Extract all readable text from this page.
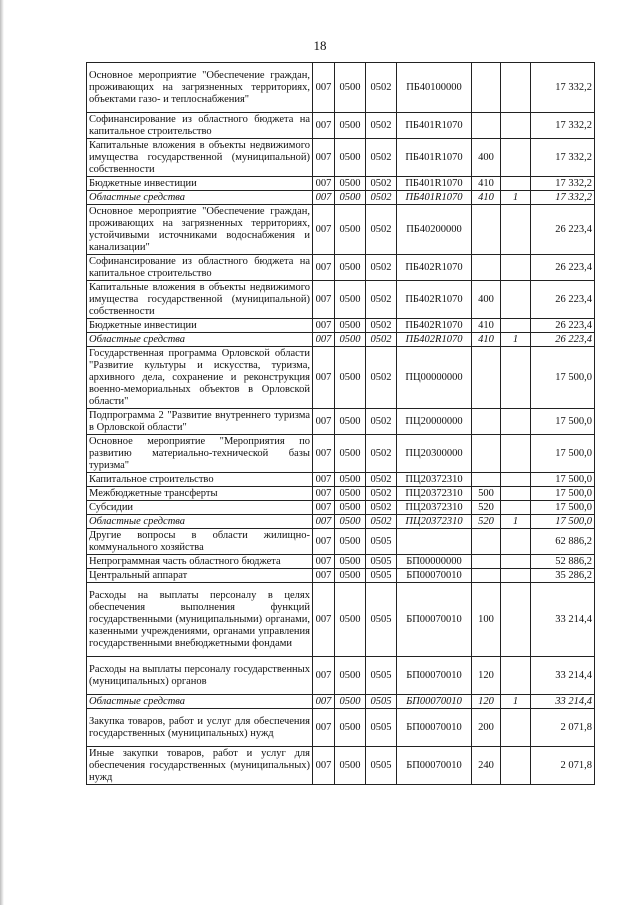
18
Основное мероприятие "Обеспечение граждан, проживающих на загрязненных территориях, объектами газо- и теплоснабжения"	007	0500	0502	ПБ40100000			17 332,2
Софинансирование из областного бюджета на капитальное строительство	007	0500	0502	ПБ401R1070			17 332,2
Капитальные вложения в объекты недвижимого имущества государственной (муниципальной) собственности	007	0500	0502	ПБ401R1070	400		17 332,2
Бюджетные инвестиции	007	0500	0502	ПБ401R1070	410		17 332,2
Областные средства	007	0500	0502	ПБ401R1070	410	1	17 332,2
Основное мероприятие "Обеспечение граждан, проживающих на загрязненных территориях, устойчивыми источниками водоснабжения и канализации"	007	0500	0502	ПБ40200000			26 223,4
Софинансирование из областного бюджета на капитальное строительство	007	0500	0502	ПБ402R1070			26 223,4
Капитальные вложения в объекты недвижимого имущества государственной (муниципальной) собственности	007	0500	0502	ПБ402R1070	400		26 223,4
Бюджетные инвестиции	007	0500	0502	ПБ402R1070	410		26 223,4
Областные средства	007	0500	0502	ПБ402R1070	410	1	26 223,4
Государственная программа Орловской области "Развитие культуры и искусства, туризма, архивного дела, сохранение и реконструкция военно-мемориальных объектов в Орловской области"	007	0500	0502	ПЦ00000000			17 500,0
Подпрограмма 2 "Развитие внутреннего туризма в Орловской области"	007	0500	0502	ПЦ20000000			17 500,0
Основное мероприятие "Мероприятия по развитию материально-технической базы туризма"	007	0500	0502	ПЦ20300000			17 500,0
Капитальное строительство	007	0500	0502	ПЦ20372310			17 500,0
Межбюджетные трансферты	007	0500	0502	ПЦ20372310	500		17 500,0
Субсидии	007	0500	0502	ПЦ20372310	520		17 500,0
Областные средства	007	0500	0502	ПЦ20372310	520	1	17 500,0
Другие вопросы в области жилищно-коммунального хозяйства	007	0500	0505				62 886,2
Непрограммная часть областного бюджета	007	0500	0505	БП00000000			52 886,2
Центральный аппарат	007	0500	0505	БП00070010			35 286,2
Расходы на выплаты персоналу в целях обеспечения выполнения функций государственными (муниципальными) органами, казенными учреждениями, органами управления государственными внебюджетными фондами	007	0500	0505	БП00070010	100		33 214,4
Расходы на выплаты персоналу государственных (муниципальных) органов	007	0500	0505	БП00070010	120		33 214,4
Областные средства	007	0500	0505	БП00070010	120	1	33 214,4
Закупка товаров, работ и услуг для обеспечения государственных (муниципальных) нужд	007	0500	0505	БП00070010	200		2 071,8
Иные закупки товаров, работ и услуг для обеспечения государственных (муниципальных) нужд	007	0500	0505	БП00070010	240		2 071,8
